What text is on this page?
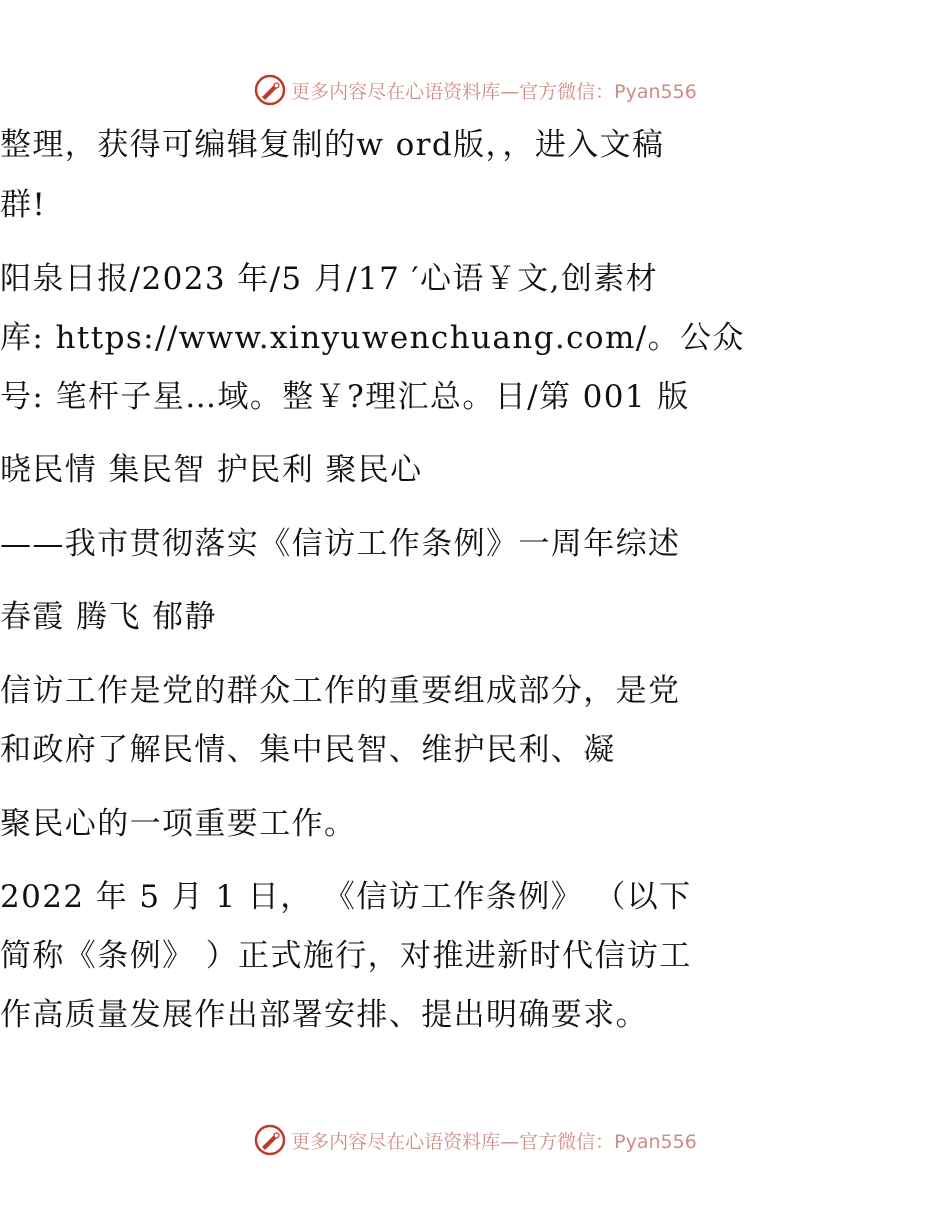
更多内容尽在心语资料库—官方微信：Pyan556
整理，获得可编辑复制的w ord版，，进入文稿
群!
阳泉日报/2023 年/5 月/17 ′心语￥文,创素材
库: https://www.xinyuwenchuang.com/。公众
号: 笔杆子星…域。整￥?理汇总。日/第 001 版
晓民情 集民智 护民利 聚民心
——我市贯彻落实《信访工作条例》一周年综述
春霞 腾飞 郁静
信访工作是党的群众工作的重要组成部分，是党
和政府了解民情、集中民智、维护民利、凝
聚民心的一项重要工作。
2022 年 5 月 1 日， 《信访工作条例》 （以下
简称《条例》 ）正式施行，对推进新时代信访工
作高质量发展作出部署安排、提出明确要求。
更多内容尽在心语资料库—官方微信：Pyan556
